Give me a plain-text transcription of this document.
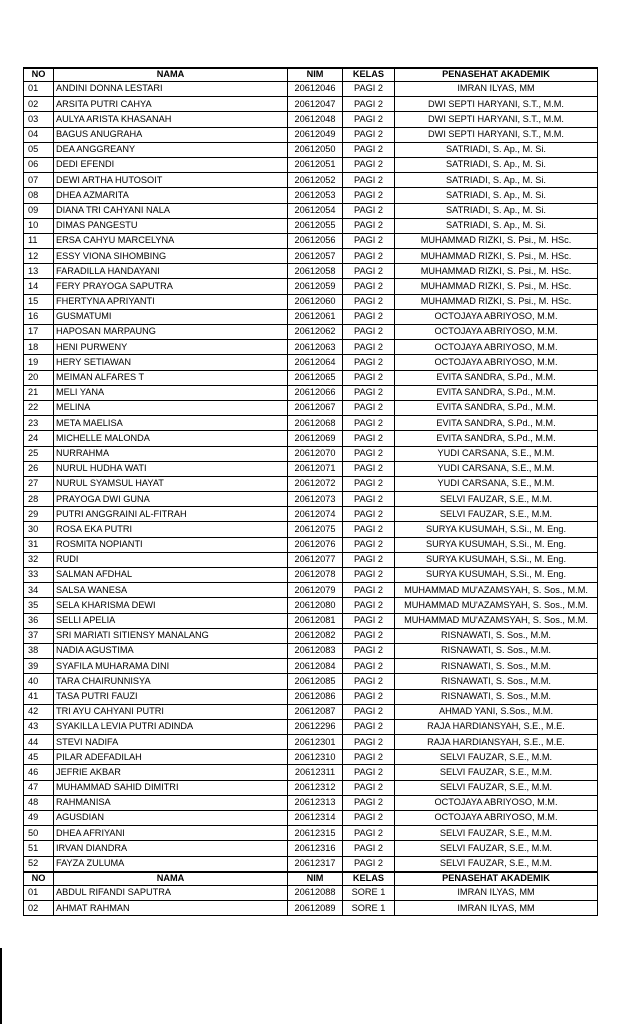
NO	NAMA	NIM	KELAS	PENASEHAT AKADEMIK
01	ANDINI DONNA LESTARI	20612046	PAGI 2	IMRAN ILYAS, MM
02	ARSITA PUTRI CAHYA	20612047	PAGI 2	DWI SEPTI HARYANI, S.T., M.M.
03	AULYA ARISTA KHASANAH	20612048	PAGI 2	DWI SEPTI HARYANI, S.T., M.M.
04	BAGUS ANUGRAHA	20612049	PAGI 2	DWI SEPTI HARYANI, S.T., M.M.
05	DEA ANGGREANY	20612050	PAGI 2	SATRIADI, S. Ap., M. Si.
06	DEDI EFENDI	20612051	PAGI 2	SATRIADI, S. Ap., M. Si.
07	DEWI ARTHA HUTOSOIT	20612052	PAGI 2	SATRIADI, S. Ap., M. Si.
08	DHEA AZMARITA	20612053	PAGI 2	SATRIADI, S. Ap., M. Si.
09	DIANA TRI CAHYANI NALA	20612054	PAGI 2	SATRIADI, S. Ap., M. Si.
10	DIMAS PANGESTU	20612055	PAGI 2	SATRIADI, S. Ap., M. Si.
11	ERSA CAHYU MARCELYNA	20612056	PAGI 2	MUHAMMAD RIZKI, S. Psi., M. HSc.
12	ESSY VIONA SIHOMBING	20612057	PAGI 2	MUHAMMAD RIZKI, S. Psi., M. HSc.
13	FARADILLA HANDAYANI	20612058	PAGI 2	MUHAMMAD RIZKI, S. Psi., M. HSc.
14	FERY PRAYOGA SAPUTRA	20612059	PAGI 2	MUHAMMAD RIZKI, S. Psi., M. HSc.
15	FHERTYNA APRIYANTI	20612060	PAGI 2	MUHAMMAD RIZKI, S. Psi., M. HSc.
16	GUSMATUMI	20612061	PAGI 2	OCTOJAYA ABRIYOSO, M.M.
17	HAPOSAN MARPAUNG	20612062	PAGI 2	OCTOJAYA ABRIYOSO, M.M.
18	HENI PURWENY	20612063	PAGI 2	OCTOJAYA ABRIYOSO, M.M.
19	HERY SETIAWAN	20612064	PAGI 2	OCTOJAYA ABRIYOSO, M.M.
20	MEIMAN ALFARES T	20612065	PAGI 2	EVITA SANDRA, S.Pd., M.M.
21	MELI YANA	20612066	PAGI 2	EVITA SANDRA, S.Pd., M.M.
22	MELINA	20612067	PAGI 2	EVITA SANDRA, S.Pd., M.M.
23	META MAELISA	20612068	PAGI 2	EVITA SANDRA, S.Pd., M.M.
24	MICHELLE MALONDA	20612069	PAGI 2	EVITA SANDRA, S.Pd., M.M.
25	NURRAHMA	20612070	PAGI 2	YUDI CARSANA, S.E., M.M.
26	NURUL HUDHA WATI	20612071	PAGI 2	YUDI CARSANA, S.E., M.M.
27	NURUL SYAMSUL HAYAT	20612072	PAGI 2	YUDI CARSANA, S.E., M.M.
28	PRAYOGA DWI GUNA	20612073	PAGI 2	SELVI FAUZAR, S.E., M.M.
29	PUTRI ANGGRAINI AL-FITRAH	20612074	PAGI 2	SELVI FAUZAR, S.E., M.M.
30	ROSA EKA PUTRI	20612075	PAGI 2	SURYA KUSUMAH, S.Si., M. Eng.
31	ROSMITA NOPIANTI	20612076	PAGI 2	SURYA KUSUMAH, S.Si., M. Eng.
32	RUDI	20612077	PAGI 2	SURYA KUSUMAH, S.Si., M. Eng.
33	SALMAN AFDHAL	20612078	PAGI 2	SURYA KUSUMAH, S.Si., M. Eng.
34	SALSA WANESA	20612079	PAGI 2	MUHAMMAD MU'AZAMSYAH, S. Sos., M.M.
35	SELA KHARISMA DEWI	20612080	PAGI 2	MUHAMMAD MU'AZAMSYAH, S. Sos., M.M.
36	SELLI APELIA	20612081	PAGI 2	MUHAMMAD MU'AZAMSYAH, S. Sos., M.M.
37	SRI MARIATI SITIENSY MANALANG	20612082	PAGI 2	RISNAWATI, S. Sos., M.M.
38	NADIA AGUSTIMA	20612083	PAGI 2	RISNAWATI, S. Sos., M.M.
39	SYAFILA MUHARAMA DINI	20612084	PAGI 2	RISNAWATI, S. Sos., M.M.
40	TARA CHAIRUNNISYA	20612085	PAGI 2	RISNAWATI, S. Sos., M.M.
41	TASA PUTRI FAUZI	20612086	PAGI 2	RISNAWATI, S. Sos., M.M.
42	TRI AYU CAHYANI PUTRI	20612087	PAGI 2	AHMAD YANI, S.Sos., M.M.
43	SYAKILLA LEVIA PUTRI ADINDA	20612296	PAGI 2	RAJA HARDIANSYAH, S.E., M.E.
44	STEVI NADIFA	20612301	PAGI 2	RAJA HARDIANSYAH, S.E., M.E.
45	PILAR ADEFADILAH	20612310	PAGI 2	SELVI FAUZAR, S.E., M.M.
46	JEFRIE AKBAR	20612311	PAGI 2	SELVI FAUZAR, S.E., M.M.
47	MUHAMMAD SAHID DIMITRI	20612312	PAGI 2	SELVI FAUZAR, S.E., M.M.
48	RAHMANISA	20612313	PAGI 2	OCTOJAYA ABRIYOSO, M.M.
49	AGUSDIAN	20612314	PAGI 2	OCTOJAYA ABRIYOSO, M.M.
50	DHEA AFRIYANI	20612315	PAGI 2	SELVI FAUZAR, S.E., M.M.
51	IRVAN DIANDRA	20612316	PAGI 2	SELVI FAUZAR, S.E., M.M.
52	FAYZA ZULUMA	20612317	PAGI 2	SELVI FAUZAR, S.E., M.M.
NO	NAMA	NIM	KELAS	PENASEHAT AKADEMIK
01	ABDUL RIFANDI SAPUTRA	20612088	SORE 1	IMRAN ILYAS, MM
02	AHMAT RAHMAN	20612089	SORE 1	IMRAN ILYAS, MM
